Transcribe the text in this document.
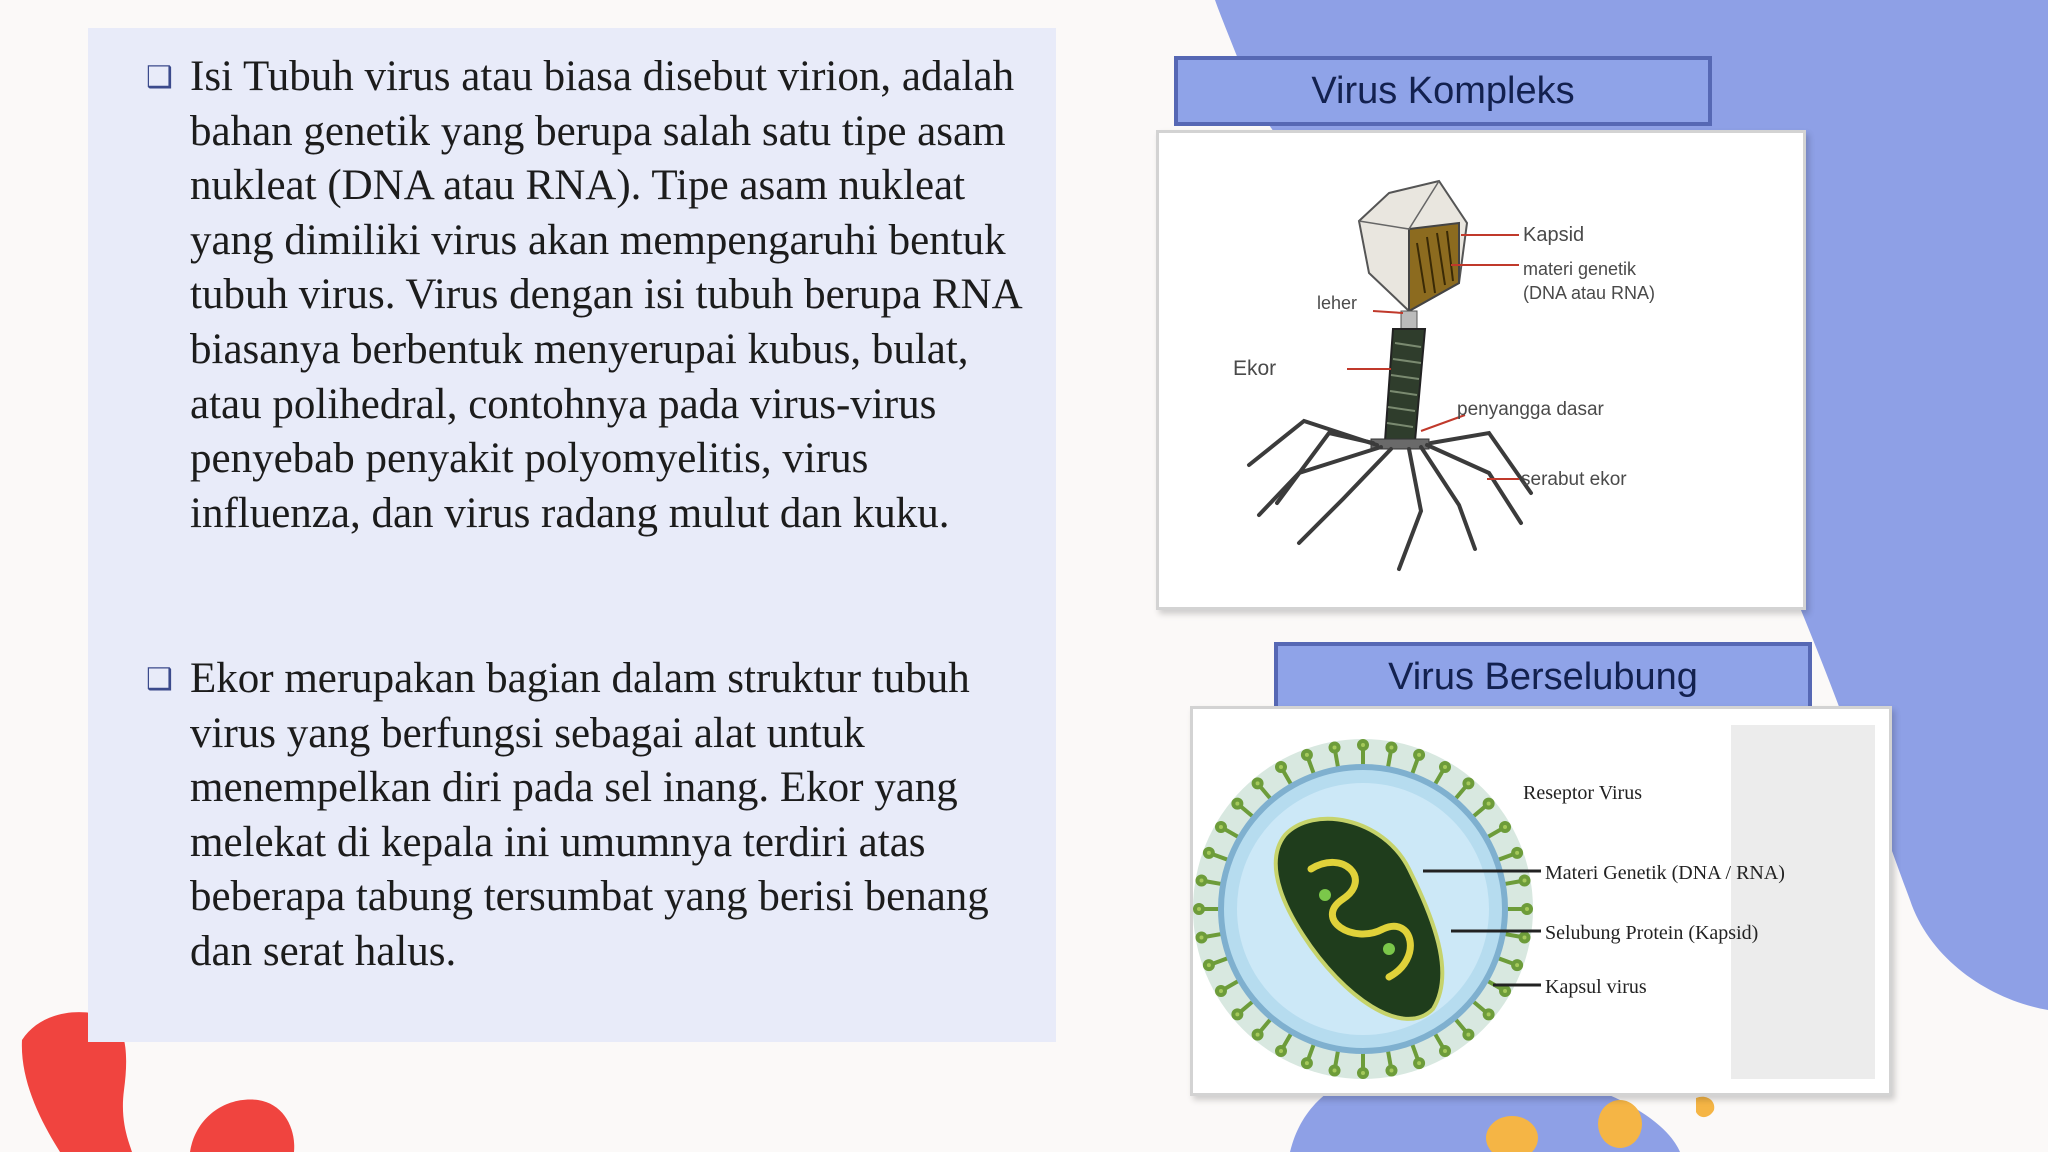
❑ Isi Tubuh virus atau biasa disebut virion, adalah bahan genetik yang berupa salah satu tipe asam nukleat (DNA atau RNA). Tipe asam nukleat yang dimiliki virus akan mempengaruhi bentuk tubuh virus. Virus dengan isi tubuh berupa RNA biasanya berbentuk menyerupai kubus, bulat, atau polihedral, contohnya pada virus-virus penyebab penyakit polyomyelitis, virus influenza, dan virus radang mulut dan kuku.
❑ Ekor merupakan bagian dalam struktur tubuh virus yang berfungsi sebagai alat untuk menempelkan diri pada sel inang. Ekor yang melekat di kepala ini umumnya terdiri atas beberapa tabung tersumbat yang berisi benang dan serat halus.
Virus Kompleks
Virus Berselubung
Kapsid
materi genetik
(DNA atau RNA)
leher
Ekor
penyangga dasar
serabut ekor
Reseptor Virus
Materi Genetik (DNA / RNA)
Selubung Protein (Kapsid)
Kapsul virus
